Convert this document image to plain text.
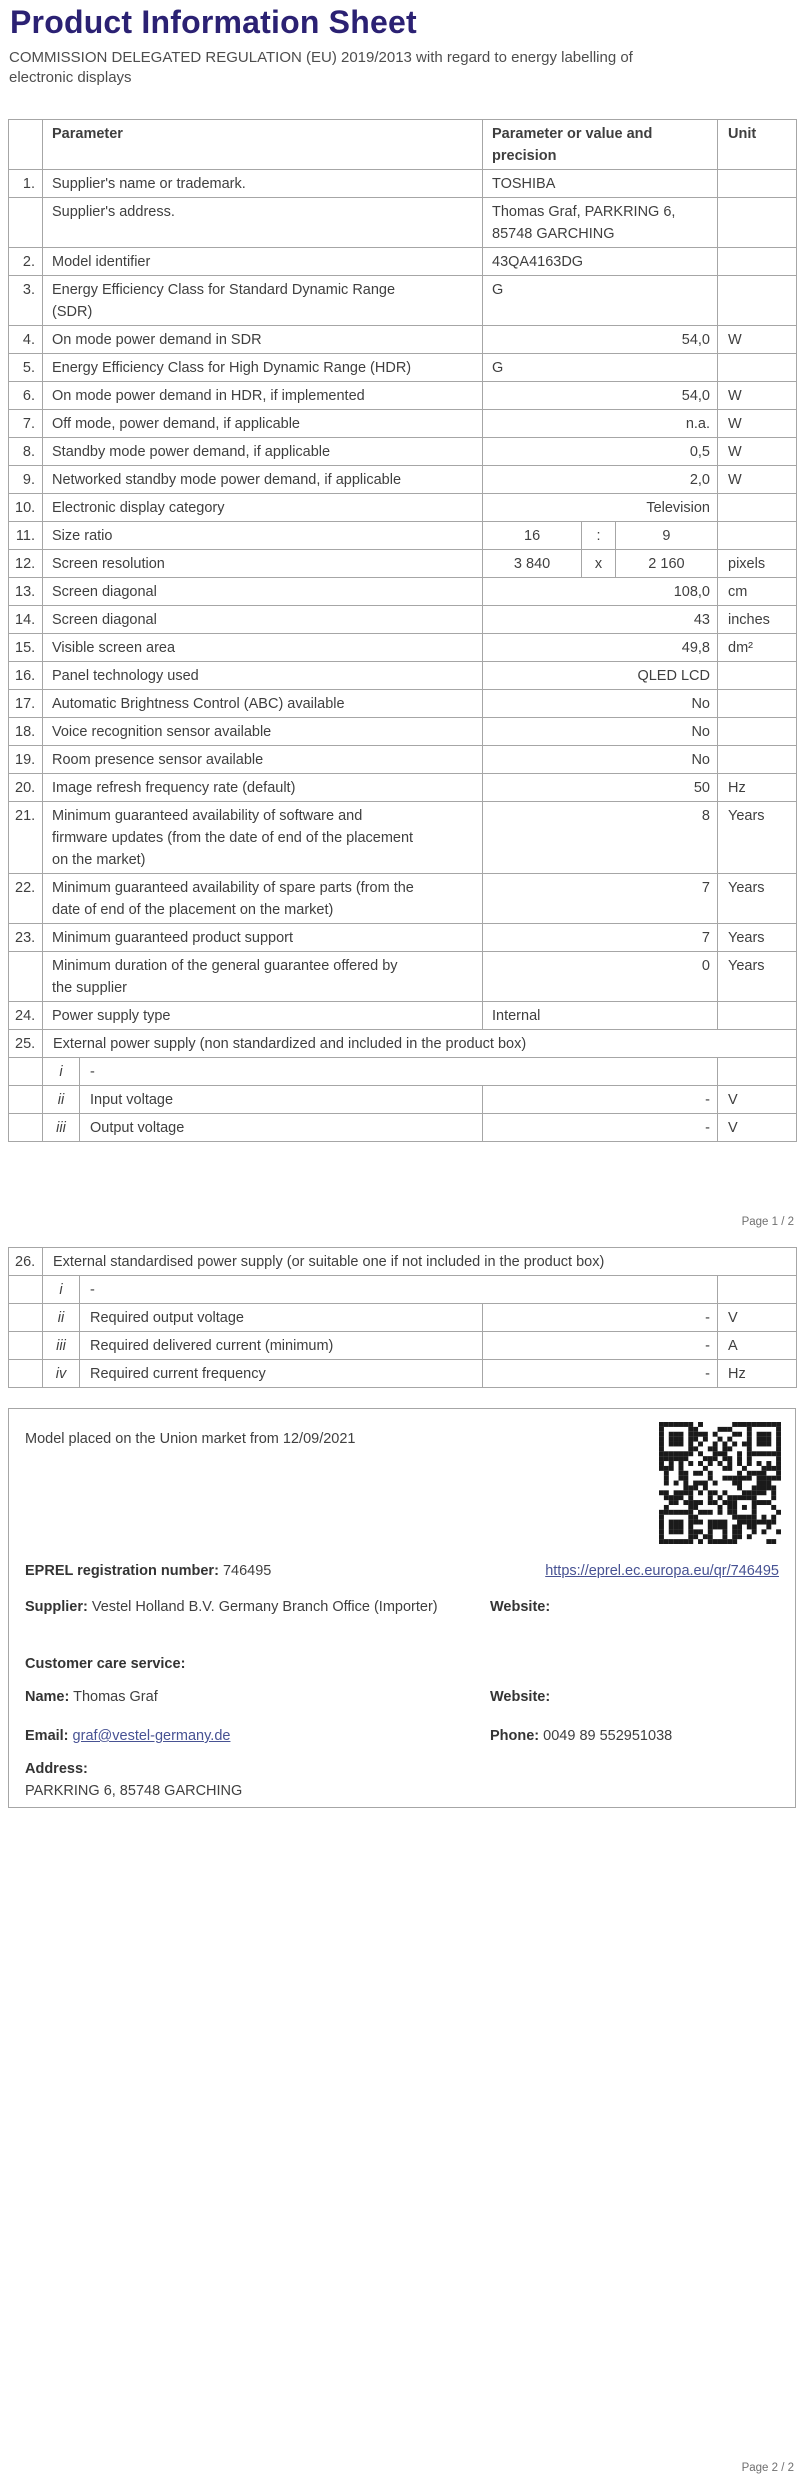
Product Information Sheet

COMMISSION DELEGATED REGULATION (EU) 2019/2013 with regard to energy labelling of electronic displays

	Parameter		Parameter or value and precision	Unit
1.	Supplier's name or trademark.		TOSHIBA	

	Supplier's address.		Thomas Graf, PARKRING 6, 85748 GARCHING	

2.	Model identifier		43QA4163DG	

3.	Energy Efficiency Class for Standard Dynamic Range (SDR)		G	

4.	On mode power demand in SDR		54,0	W
5.	Energy Efficiency Class for High Dynamic Range (HDR)		G	

6.	On mode power demand in HDR, if implemented		54,0	W
7.	Off mode, power demand, if applicable		n.a.	W
8.	Standby mode power demand, if applicable		0,5	W
9.	Networked standby mode power demand, if applicable		2,0	W
10.	Electronic display category		Television	
11.	Size ratio		16 : 9	

12.	Screen resolution		3 840 x 2 160	pixels
13.	Screen diagonal		108,0	cm
14.	Screen diagonal		43	inches
15.	Visible screen area		49,8	dm²
16.	Panel technology used		QLED LCD	
17.	Automatic Brightness Control (ABC) available		No	
18.	Voice recognition sensor available		No	
19.	Room presence sensor available		No	
20.	Image refresh frequency rate (default)		50	Hz
21.	Minimum guaranteed availability of software and firmware updates (from the date of end of the placement on the market)		8	Years
22.	Minimum guaranteed availability of spare parts (from the date of end of the placement on the market)		7	Years
23.	Minimum guaranteed product support		7	Years

	Minimum duration of the general guarantee offered by the supplier		0	Years
24.	Power supply type		Internal	

25.	External power supply (non standardized and included in the product box)			
	i	-		
	ii	Input voltage	-	V
	iii	Output voltage	-	V
Page 1 / 2
26.	External standardised power supply (or suitable one if not included in the product box)			
	i	-		
	ii	Required output voltage	-	V
	iii	Required delivered current (minimum)	-	A
	iv	Required current frequency	-	Hz
Model placed on the Union market from 12/09/2021
EPREL registration number: 746495	https://eprel.ec.europa.eu/qr/746495
Supplier: Vestel Holland B.V. Germany Branch Office (Importer)	Website:
Customer care service:
Name: Thomas Graf	Website:
Email: graf@vestel-germany.de	Phone: 0049 89 552951038
Address:
PARKRING 6, 85748 GARCHING
Page 2 / 2
